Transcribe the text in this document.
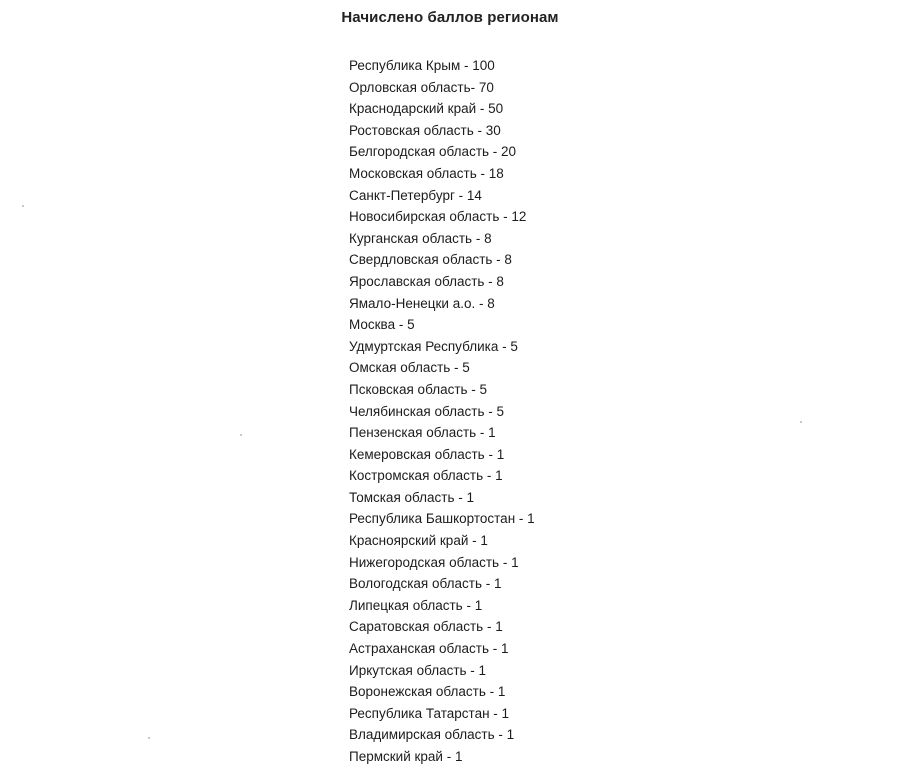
Начислено баллов регионам
Республика Крым - 100
Орловская область- 70
Краснодарский край - 50
Ростовская область - 30
Белгородская область - 20
Московская область - 18
Санкт-Петербург - 14
Новосибирская область - 12
Курганская область - 8
Свердловская область - 8
Ярославская область - 8
Ямало-Ненецки а.о. - 8
Москва - 5
Удмуртская Республика - 5
Омская область - 5
Псковская область - 5
Челябинская область - 5
Пензенская область - 1
Кемеровская область - 1
Костромская область - 1
Томская область - 1
Республика Башкортостан - 1
Красноярский край - 1
Нижегородская область - 1
Вологодская область - 1
Липецкая область - 1
Саратовская область - 1
Астраханская область - 1
Иркутская область - 1
Воронежская область - 1
Республика Татарстан - 1
Владимирская область - 1
Пермский край - 1
